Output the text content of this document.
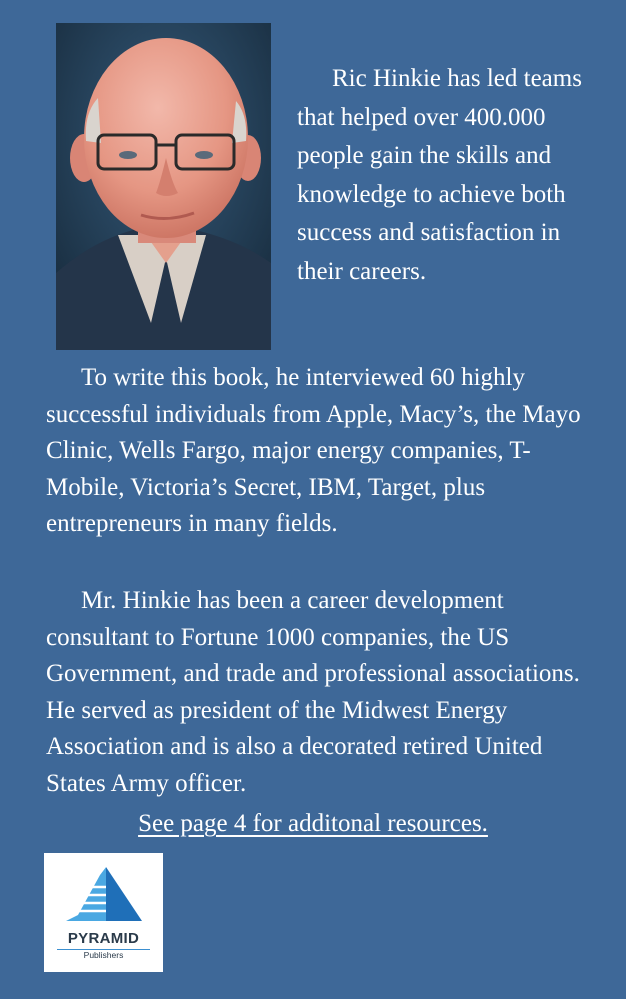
Ric Hinkie has led teams that helped over 400.000 people gain the skills and knowledge to achieve both success and satisfaction in their careers.

To write this book, he interviewed 60 highly successful individuals from Apple, Macy’s, the Mayo Clinic, Wells Fargo, major energy companies, T-Mobile, Victoria’s Secret, IBM, Target, plus entrepreneurs in many fields.

Mr. Hinkie has been a career development consultant to Fortune 1000 companies, the US Government, and trade and professional associations. He served as president of the Midwest Energy Association and is also a decorated retired United States Army officer.

See page 4 for additonal resources.

PYRAMID

Publishers
